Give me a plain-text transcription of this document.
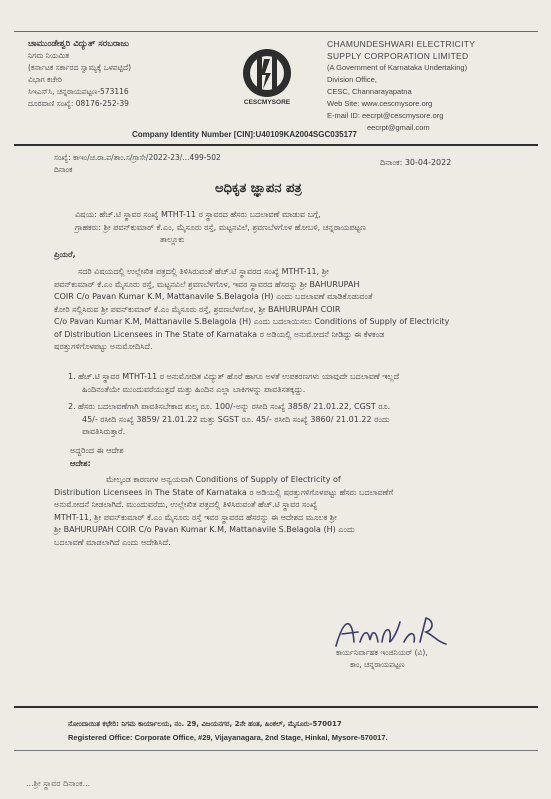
ಚಾಮುಂಡೇಶ್ವರಿ ವಿದ್ಯುತ್ ಸರಬರಾಜು
ನಿಗಮ ನಿಯಮಿತ
(ಕರ್ನಾಟಕ ಸರ್ಕಾರದ ಸ್ವಾಮ್ಯಕ್ಕೆ ಒಳಪಟ್ಟಿದೆ)
ವಿಭಾಗ ಕಚೇರಿ
ಸಿಇಎಸ್‌ಸಿ, ಚನ್ನರಾಯಪಟ್ಟಣ-573116
ದೂರವಾಣಿ ಸಂಖ್ಯೆ: 08176-252-39	CESCMYSORE
CHAMUNDESHWARI ELECTRICITY
SUPPLY CORPORATION LIMITED
(A Government of Karnataka Undertaking)
Division Office,
CESC, Channarayapatna
Web Site: www.cescmysore.org
E-mail ID: eecrpt@cescmysore.org
eecrpt@gmail.com
Company Identity Number [CIN]:U40109KA2004SGC035177
ಸಂಖ್ಯೆ: ಕಾಇಂ/ಚ.ರಾ.ಪ/ತಾಂ.ಸ/ಗ್ರಾಸೇ/2022-23/...499-502
ದಿನಾಂಕ
ದಿನಾಂಕ: 30-04-2022
ಅಧಿಕೃತ ಜ್ಞಾಪನ ಪತ್ರ
ವಿಷಯ: ಹೆಚ್.ಟಿ ಸ್ಥಾವರ ಸಂಖ್ಯೆ MTHT-11 ರ ಸ್ಥಾವರದ ಹೆಸರು ಬದಲಾವಣೆ ಮಾಡುವ ಬಗ್ಗೆ,
ಗ್ರಾಹಕರು: ಶ್ರೀ ಪವನ್‌ಕುಮಾರ್ ಕೆ.ಎಂ, ಮೈಸೂರು ರಸ್ತೆ, ಮಟ್ಟನವಿಲೆ, ಶ್ರವಣಬೆಳಗೊಳ ಹೋಬಳಿ, ಚನ್ನರಾಯಪಟ್ಟಣ
ತಾಲ್ಲೂಕು
ಪ್ರಿಯರೆ,
ಸದರಿ ವಿಷಯದಲ್ಲಿ ಉಲ್ಲೇಖಿತ ಪತ್ರದಲ್ಲಿ ತಿಳಿಸಿರುವಂತೆ ಹೆಚ್.ಟಿ ಸ್ಥಾವರದ ಸಂಖ್ಯೆ MTHT-11, ಶ್ರೀ
ಪವನ್‌ಕುಮಾರ್ ಕೆ.ಎಂ ಮೈಸೂರು ರಸ್ತೆ, ಮಟ್ಟನವಿಲೆ ಶ್ರವಣಬೆಳಗೊಳ, ಇವರ ಸ್ಥಾವರದ ಹೆಸರನ್ನು ಶ್ರೀ BAHURUPAH
COIR C/o Pavan Kumar K.M, Mattanavile S.Belagola (H) ಎಂದು ಬದಲಾವಣೆ ಮಾಡಿಕೊಡುವಂತೆ
ಕೋರಿ ಸಲ್ಲಿಸಿರುವ ಶ್ರೀ ಪವನ್‌ಕುಮಾರ್ ಕೆ.ಎಂ ಮೈಸೂರು ರಸ್ತೆ, ಶ್ರವಣಬೆಳಗೊಳ, ಶ್ರೀ BAHURUPAH COIR
C/o Pavan Kumar K.M, Mattanavile S.Belagola (H) ಎಂದು ಬದಲಾಯಿಸಲು Conditions of Supply of Electricity
of Distribution Licensees in The State of Karnataka ರ ಅಡಿಯಲ್ಲಿ ಅನುಮೋದನೆ ನೀಡಿದ್ದು ಈ ಕೆಳಕಂಡ
ಷರತ್ತುಗಳಿಗೊಳಪಟ್ಟು ಅನುಮೋದಿಸಿದೆ.
1. ಹೆಚ್.ಟಿ ಸ್ಥಾವರ MTHT-11 ರ ಅನುಮೋದಿತ ವಿದ್ಯುತ್ ಹೊರೆ ಹಾಗೂ ಅಳತೆ ಉಪಕರಣಗಳು ಯಾವುದೇ ಬದಲಾವಣೆ ಇಲ್ಲದೆ
ಹಿಂದಿನಂತೆಯೇ ಮುಂದುವರೆಯುತ್ತದೆ ಮತ್ತು ಹಿಂದಿನ ಎಲ್ಲಾ ಬಾಕಿಗಳನ್ನು ಪಾವತಿಸತಕ್ಕದ್ದು.
2. ಹೆಸರು ಬದಲಾವಣೆಗಾಗಿ ಪಾವತಿಸಬೇಕಾದ ಶುಲ್ಕ ರೂ. 100/-ಅನ್ನು ರಸೀದಿ ಸಂಖ್ಯೆ 3858/ 21.01.22, CGST ರೂ.
45/- ರಸೀದಿ ಸಂಖ್ಯೆ 3859/ 21.01.22 ಮತ್ತು SGST ರೂ. 45/- ರಸೀದಿ ಸಂಖ್ಯೆ 3860/ 21.01.22 ರಂದು
ಪಾವತಿಸಿರುತ್ತಾರೆ.
ಅದ್ದರಿಂದ ಈ ಆದೇಶ
ಆದೇಶ:
ಮೇಲ್ಕಂಡ ಕಾರಣಗಳ ಅನ್ವಯವಾಗಿ Conditions of Supply of Electricity of
Distribution Licensees in The State of Karnataka ರ ಅಡಿಯಲ್ಲಿ ಷರತ್ತುಗಳಿಗೊಳಪಟ್ಟು ಹೆಸರು ಬದಲಾವಣೆಗೆ
ಅನುಮೋದನೆ ನೀಡಲಾಗಿದೆ. ಮುಂದುವರೆದು, ಉಲ್ಲೇಖಿತ ಪತ್ರದಲ್ಲಿ ತಿಳಿಸಿರುವಂತೆ ಹೆಚ್.ಟಿ ಸ್ಥಾವರ ಸಂಖ್ಯೆ
MTHT-11, ಶ್ರೀ ಪವನ್‌ಕುಮಾರ್ ಕೆ.ಎಂ ಮೈಸೂರು ರಸ್ತೆ ಇವರ ಸ್ಥಾವರದ ಹೆಸರನ್ನು ಈ ಆದೇಶದ ಮೂಲಕ ಶ್ರೀ
ಶ್ರೀ BAHURUPAH COIR C/o Pavan Kumar K.M, Mattanavile S.Belagola (H) ಎಂದು
ಬದಲಾವಣೆ ಮಾಡಲಾಗಿದೆ ಎಂದು ಆದೇಶಿಸಿದೆ.
ಕಾರ್ಯನಿರ್ವಾಹಕ ಇಂಜಿನಿಯರ್ (ವಿ),
ಕಾಂ, ಚನ್ನರಾಯಪಟ್ಟಣ
ನೋಂದಾಯಿತ ಕಛೇರಿ: ನಿಗಮ ಕಾರ್ಯಾಲಯ, ನಂ. 29, ವಿಜಯನಗರ, 2ನೇ ಹಂತ, ಹಿಂಕಲ್, ಮೈಸೂರು-570017
Registered Office: Corporate Office, #29, Vijayanagara, 2nd Stage, Hinkal, Mysore-570017.
...ಶ್ರೀ ಸ್ಥಾವರ ದಿನಾಂಕ...
